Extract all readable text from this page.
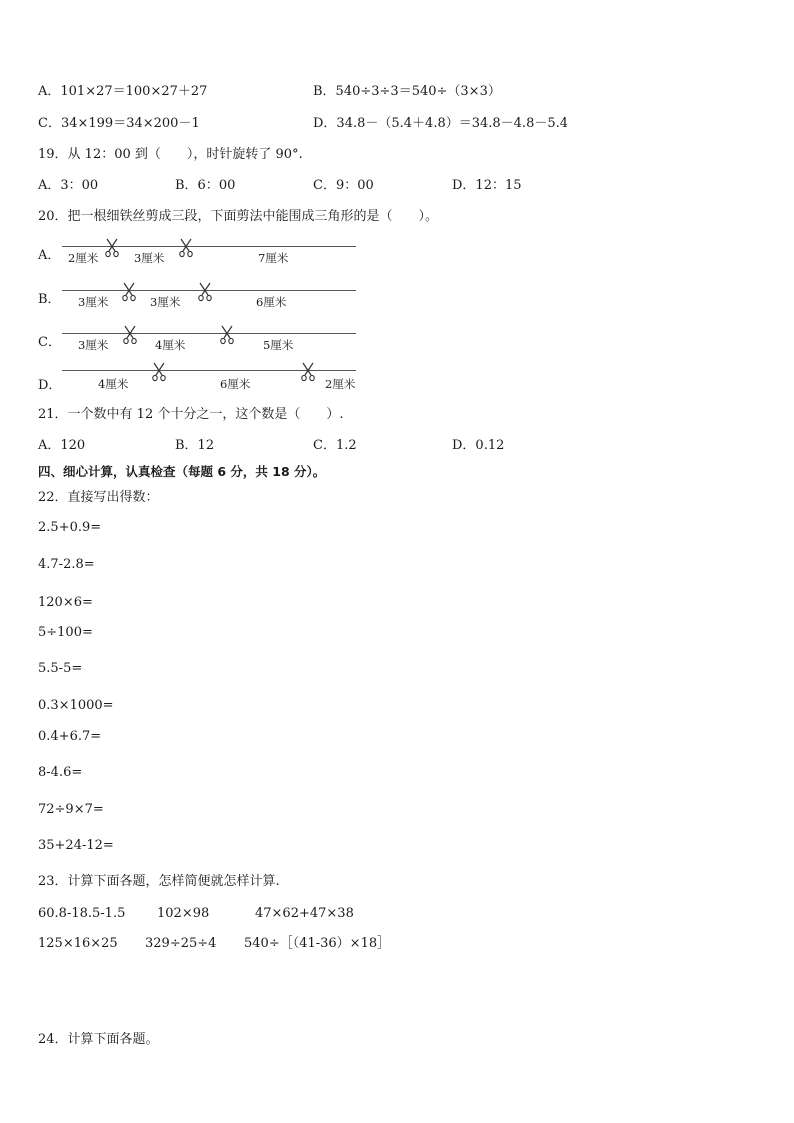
A．101×27＝100×27＋27	B．540÷3÷3＝540÷（3×3）
C．34×199＝34×200－1	D．34.8－（5.4＋4.8）＝34.8－4.8－5.4
19．从 12：00 到（　　），时针旋转了 90°.
A．3：00	B．6：00	C．9：00	D．12：15
20．把一根细铁丝剪成三段，下面剪法中能围成三角形的是（　　）。
A． 2厘米	3厘米	7厘米
B． 3厘米	3厘米	6厘米
C． 3厘米	4厘米	5厘米
D．	4厘米	6厘米	2厘米
21．一个数中有 12 个十分之一，这个数是（　　）.
A．120	B．12	C．1.2	D．0.12
四、细心计算，认真检查（每题 6 分，共 18 分）。
22．直接写出得数：
2.5+0.9=
4.7-2.8=
120×6=
5÷100=
5.5-5=
0.3×1000=
0.4+6.7=
8-4.6=
72÷9×7=
35+24-12=
23．计算下面各题，怎样简便就怎样计算.
60.8-18.5-1.5 102×98	47×62+47×38
125×16×25 329÷25÷4 540÷［（41-36）×18］
24．计算下面各题。
